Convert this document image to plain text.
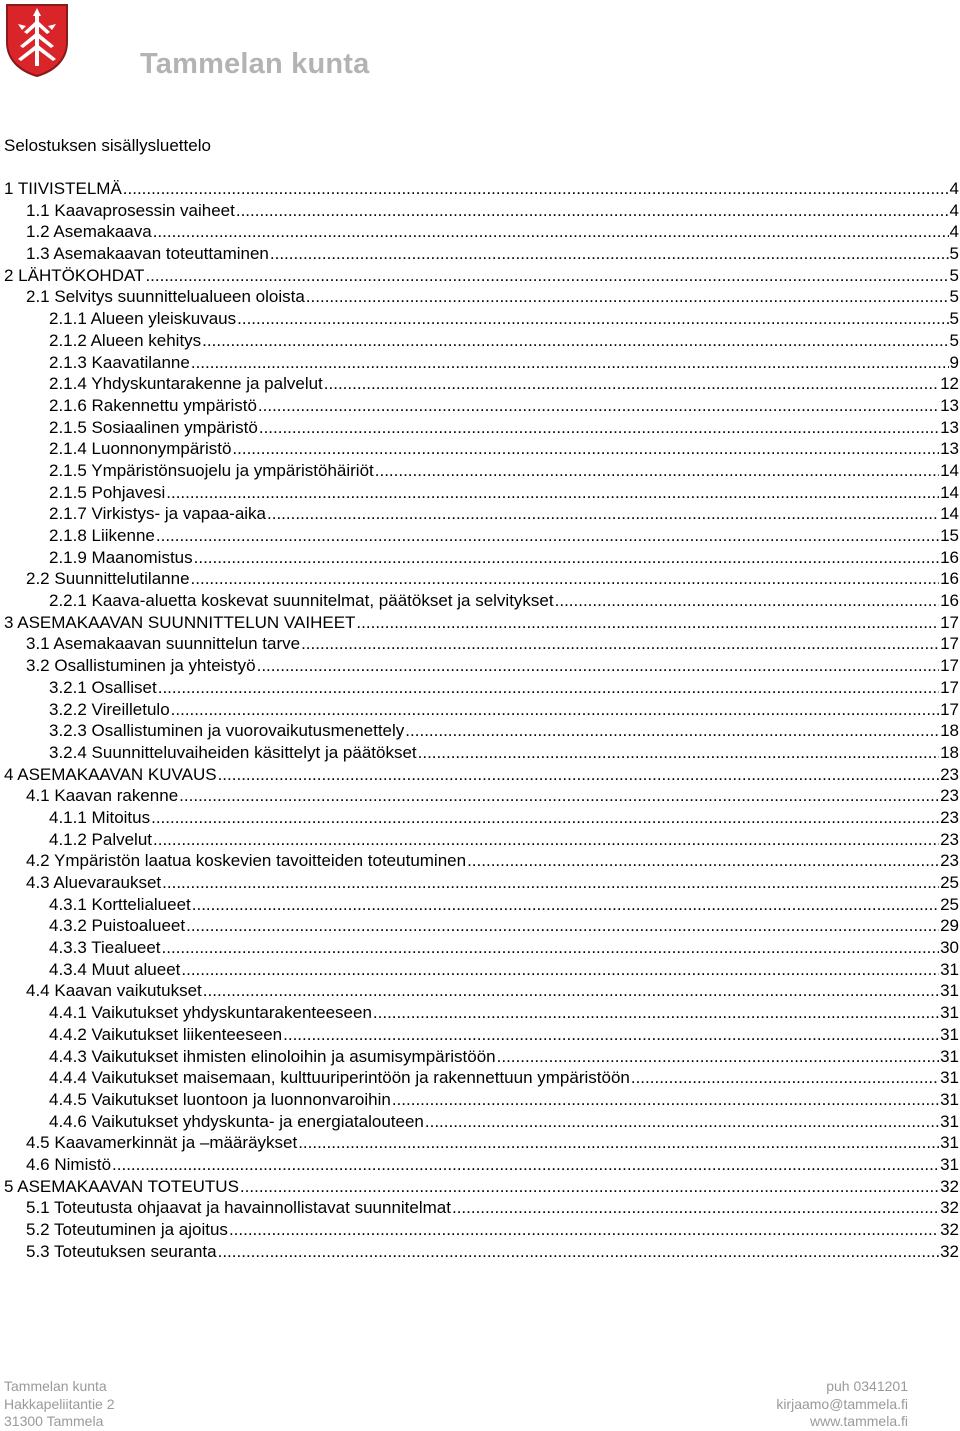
Tammelan kunta
Selostuksen sisällysluettelo
1 TIIVISTELMÄ .....	4
1.1 Kaavaprosessin vaiheet .....	4
1.2 Asemakaava .....	4
1.3 Asemakaavan toteuttaminen .....	5
2 LÄHTÖKOHDAT .....	5
2.1 Selvitys suunnittelualueen oloista .....	5
2.1.1 Alueen yleiskuvaus .....	5
2.1.2 Alueen kehitys .....	5
2.1.3 Kaavatilanne .....	9
2.1.4 Yhdyskuntarakenne ja palvelut .....	12
2.1.6 Rakennettu ympäristö .....	13
2.1.5 Sosiaalinen ympäristö .....	13
2.1.4 Luonnonympäristö .....	13
2.1.5 Ympäristönsuojelu ja ympäristöhäiriöt .....	14
2.1.5 Pohjavesi .....	14
2.1.7 Virkistys- ja vapaa-aika .....	14
2.1.8 Liikenne .....	15
2.1.9 Maanomistus .....	16
2.2 Suunnittelutilanne .....	16
2.2.1 Kaava-aluetta koskevat suunnitelmat, päätökset ja selvitykset .....	16
3 ASEMAKAAVAN SUUNNITTELUN VAIHEET .....	17
3.1 Asemakaavan suunnittelun tarve .....	17
3.2 Osallistuminen ja yhteistyö .....	17
3.2.1 Osalliset .....	17
3.2.2 Vireilletulo .....	17
3.2.3 Osallistuminen ja vuorovaikutusmenettely .....	18
3.2.4 Suunnitteluvaiheiden käsittelyt ja päätökset .....	18
4 ASEMAKAAVAN KUVAUS .....	23
4.1 Kaavan rakenne .....	23
4.1.1 Mitoitus .....	23
4.1.2 Palvelut .....	23
4.2 Ympäristön laatua koskevien tavoitteiden toteutuminen .....	23
4.3 Aluevaraukset .....	25
4.3.1 Korttelialueet .....	25
4.3.2 Puistoalueet .....	29
4.3.3 Tiealueet .....	30
4.3.4 Muut alueet .....	31
4.4 Kaavan vaikutukset .....	31
4.4.1 Vaikutukset yhdyskuntarakenteeseen .....	31
4.4.2 Vaikutukset liikenteeseen .....	31
4.4.3 Vaikutukset ihmisten elinoloihin ja asumisympäristöön .....	31
4.4.4 Vaikutukset maisemaan, kulttuuriperintöön ja rakennettuun ympäristöön .....	31
4.4.5 Vaikutukset luontoon ja luonnonvaroihin .....	31
4.4.6 Vaikutukset yhdyskunta- ja energiatalouteen .....	31
4.5 Kaavamerkinnät ja –määräykset .....	31
4.6 Nimistö .....	31
5 ASEMAKAAVAN TOTEUTUS .....	32
5.1 Toteutusta ohjaavat ja havainnollistavat suunnitelmat .....	32
5.2 Toteutuminen ja ajoitus .....	32
5.3 Toteutuksen seuranta .....	32
Tammelan kunta
Hakkapeliitantie 2
31300 Tammela
puh 0341201
kirjaamo@tammela.fi
www.tammela.fi
